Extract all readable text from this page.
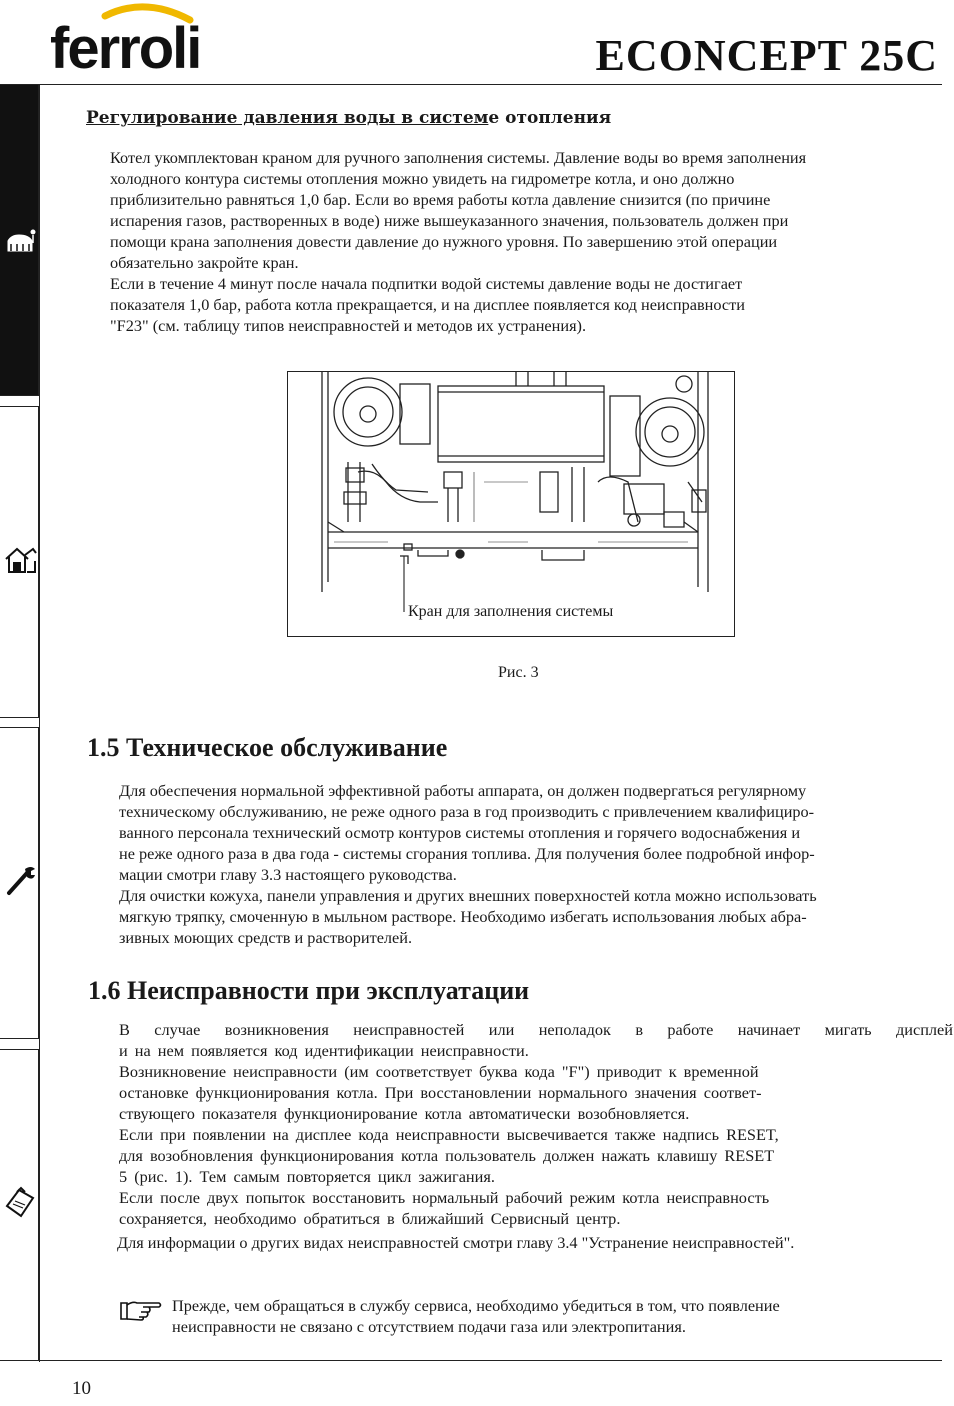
ferroli	ECONCEPT 25C
Регулирование давления воды в системе отопления

Котел укомплектован краном для ручного заполнения системы. Давление воды во время заполнения

холодного контура системы отопления можно увидеть на гидрометре котла, и оно должно

приблизительно равняться 1,0 бар. Если во время работы котла давление снизится (по причине

испарения газов, растворенных в воде) ниже вышеуказанного значения, пользователь должен при

помощи крана заполнения довести давление до нужного уровня. По завершению этой операции

обязательно закройте кран.

Если в течение 4 минут после начала подпитки водой системы давление воды не достигает

показателя 1,0 бар, работа котла прекращается, и на дисплее появляется код неисправности

"F23" (см. таблицу типов неисправностей и методов их устранения).

Кран для заполнения системы
Рис. 3
1.5 Техническое обслуживание

Для обеспечения нормальной эффективной работы аппарата, он должен подвергаться регулярному

техническому обслуживанию, не реже одного раза в год производить с привлечением квалифициро-

ванного персонала технический осмотр контуров системы отопления и горячего водоснабжения и

не реже одного раза в два года - системы сгорания топлива. Для получения более подробной инфор-

мации смотри главу 3.3 настоящего руководства.

Для очистки кожуха, панели управления и других внешних поверхностей котла можно использовать

мягкую тряпку, смоченную в мыльном растворе. Необходимо избегать использования любых абра-

зивных моющих средств и растворителей.

1.6 Неисправности при эксплуатации

В случае возникновения неисправностей или неполадок в работе начинает мигать дисплей

и на нем появляется код идентификации неисправности.

Возникновение неисправности (им соответствует буква кода "F") приводит к временной

остановке функционирования котла. При восстановлении нормального значения соответ-

ствующего показателя функционирование котла автоматически возобновляется.

Если при появлении на дисплее кода неисправности высвечивается также надпись RESET,

для возобновления функционирования котла пользователь должен нажать клавишу RESET

5 (рис. 1). Тем самым повторяется цикл зажигания.

Если после двух попыток восстановить нормальный рабочий режим котла неисправность

сохраняется, необходимо обратиться в ближайший Сервисный центр.

Для информации о других видах неисправностей смотри главу 3.4 "Устранение неисправностей".

Прежде, чем обращаться в службу сервиса, необходимо убедиться в том, что появление

неисправности не связано с отсутствием подачи газа или электропитания.

10
